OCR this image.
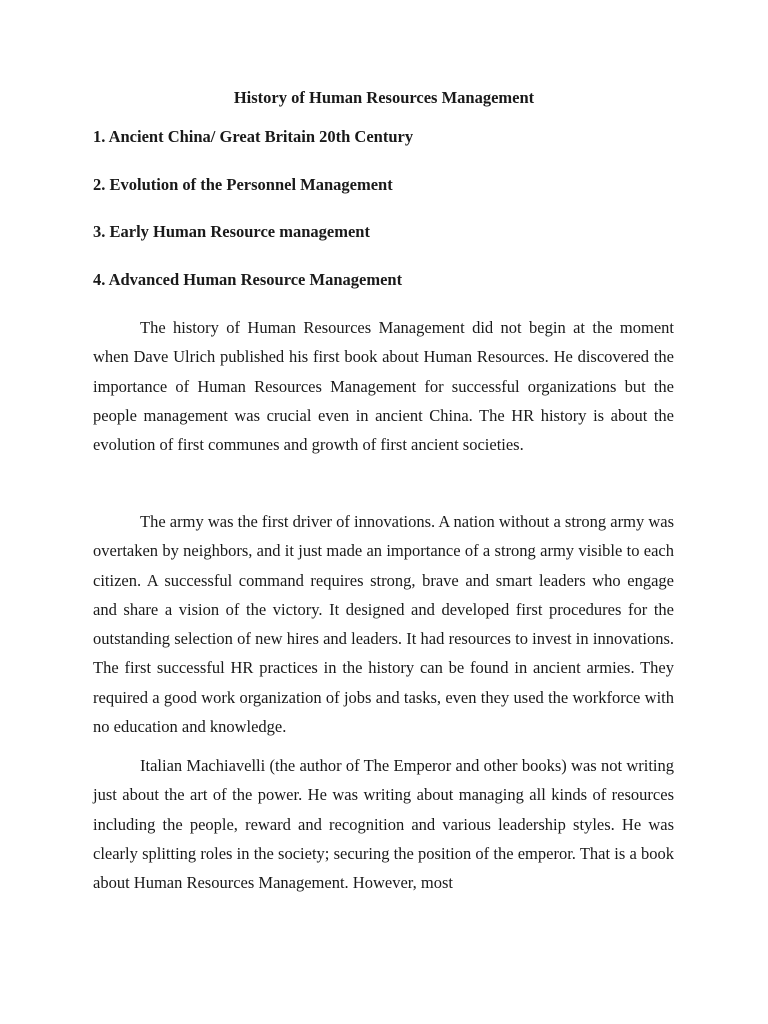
History of Human Resources Management
1. Ancient China/ Great Britain 20th Century
2. Evolution of the Personnel Management
3. Early Human Resource management
4. Advanced Human Resource Management

The history of Human Resources Management did not begin at the moment when Dave Ulrich published his first book about Human Resources. He discovered the importance of Human Resources Management for successful organizations but the people management was crucial even in ancient China. The HR history is about the evolution of first communes and growth of first ancient societies.

The army was the first driver of innovations. A nation without a strong army was overtaken by neighbors, and it just made an importance of a strong army visible to each citizen. A successful command requires strong, brave and smart leaders who engage and share a vision of the victory. It designed and developed first procedures for the outstanding selection of new hires and leaders. It had resources to invest in innovations. The first successful HR practices in the history can be found in ancient armies. They required a good work organization of jobs and tasks, even they used the workforce with no education and knowledge.

Italian Machiavelli (the author of The Emperor and other books) was not writing just about the art of the power. He was writing about managing all kinds of resources including the people, reward and recognition and various leadership styles. He was clearly splitting roles in the society; securing the position of the emperor. That is a book about Human Resources Management. However, most
